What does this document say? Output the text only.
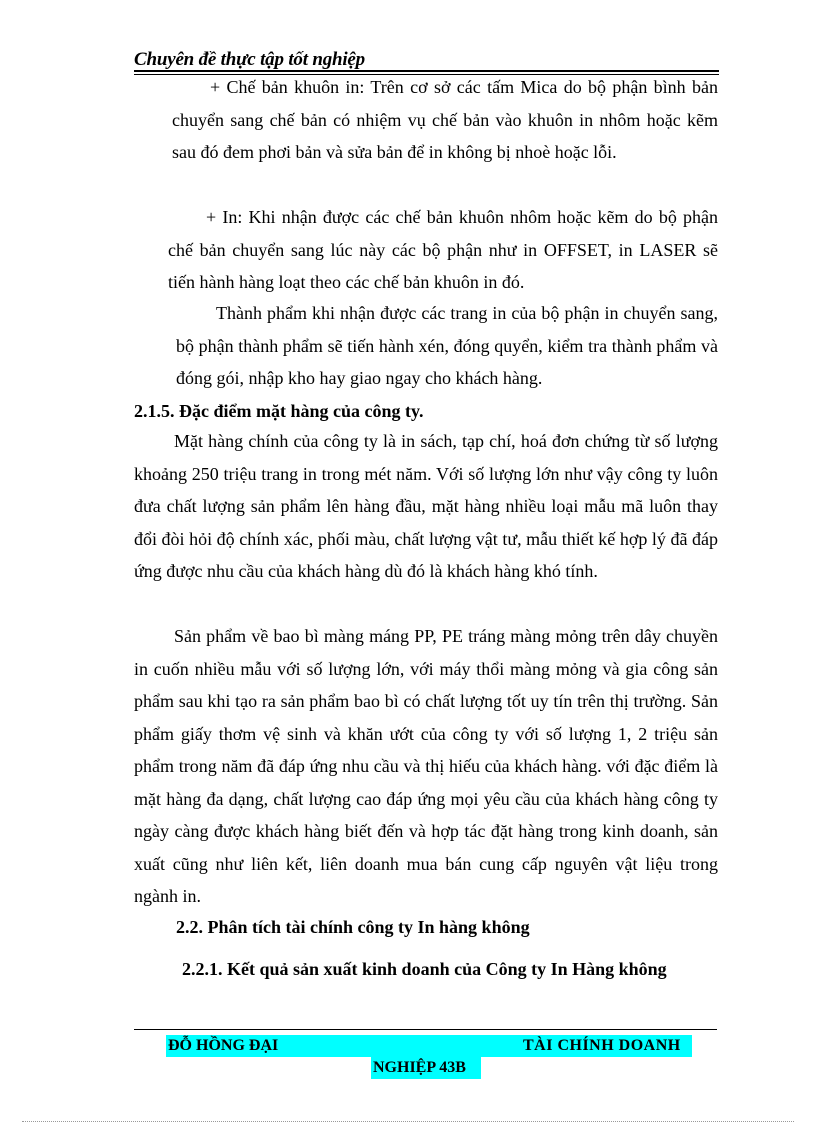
Chuyên đề thực tập tốt nghiệp
+ Chế bản khuôn in: Trên cơ sở các tấm Mica do bộ phận bình bản chuyển sang chế bản có nhiệm vụ chế bản vào khuôn in nhôm hoặc kẽm sau đó đem phơi bản và sửa bản để in không bị nhoè hoặc lỗi.
+ In: Khi nhận được các chế bản khuôn nhôm hoặc kẽm do bộ phận chế bản chuyển sang lúc này các bộ phận như in OFFSET, in LASER sẽ tiến hành hàng loạt theo các chế bản khuôn in đó.
Thành phẩm khi nhận được các trang in của bộ phận in chuyển sang, bộ phận thành phẩm sẽ tiến hành xén, đóng quyển, kiểm tra thành phẩm và đóng gói, nhập kho hay giao ngay cho khách hàng.
2.1.5. Đặc điểm mặt hàng của công ty.
Mặt hàng chính của công ty là in sách, tạp chí, hoá đơn chứng từ số lượng khoảng 250 triệu trang in trong mét năm. Với số lượng lớn như vậy công ty luôn đưa chất lượng sản phẩm lên hàng đầu, mặt hàng nhiều loại mẫu mã luôn thay đổi đòi hỏi độ chính xác, phối màu, chất lượng vật tư, mẫu thiết kế hợp lý đã đáp ứng được nhu cầu của khách hàng dù đó là khách hàng khó tính.
Sản phẩm về bao bì màng máng PP, PE tráng màng mỏng trên dây chuyền in cuốn nhiều mẫu với số lượng lớn, với máy thổi màng mỏng và gia công sản phẩm sau khi tạo ra sản phẩm bao bì có chất lượng tốt uy tín trên thị trường. Sản phẩm giấy thơm vệ sinh và khăn ướt của công ty với số lượng 1, 2 triệu sản phẩm trong năm đã đáp ứng nhu cầu và thị hiếu của khách hàng. với đặc điểm là mặt hàng đa dạng, chất lượng cao đáp ứng mọi yêu cầu của khách hàng công ty ngày càng được khách hàng biết đến và hợp tác đặt hàng trong kinh doanh, sản xuất cũng như liên kết, liên doanh mua bán cung cấp nguyên vật liệu trong ngành in.
2.2. Phân tích tài chính công ty In hàng không
2.2.1. Kết quả sản xuất kinh doanh của Công ty In Hàng không
ĐỖ HỒNG ĐẠI	TÀI CHÍNH DOANH
NGHIỆP 43B
